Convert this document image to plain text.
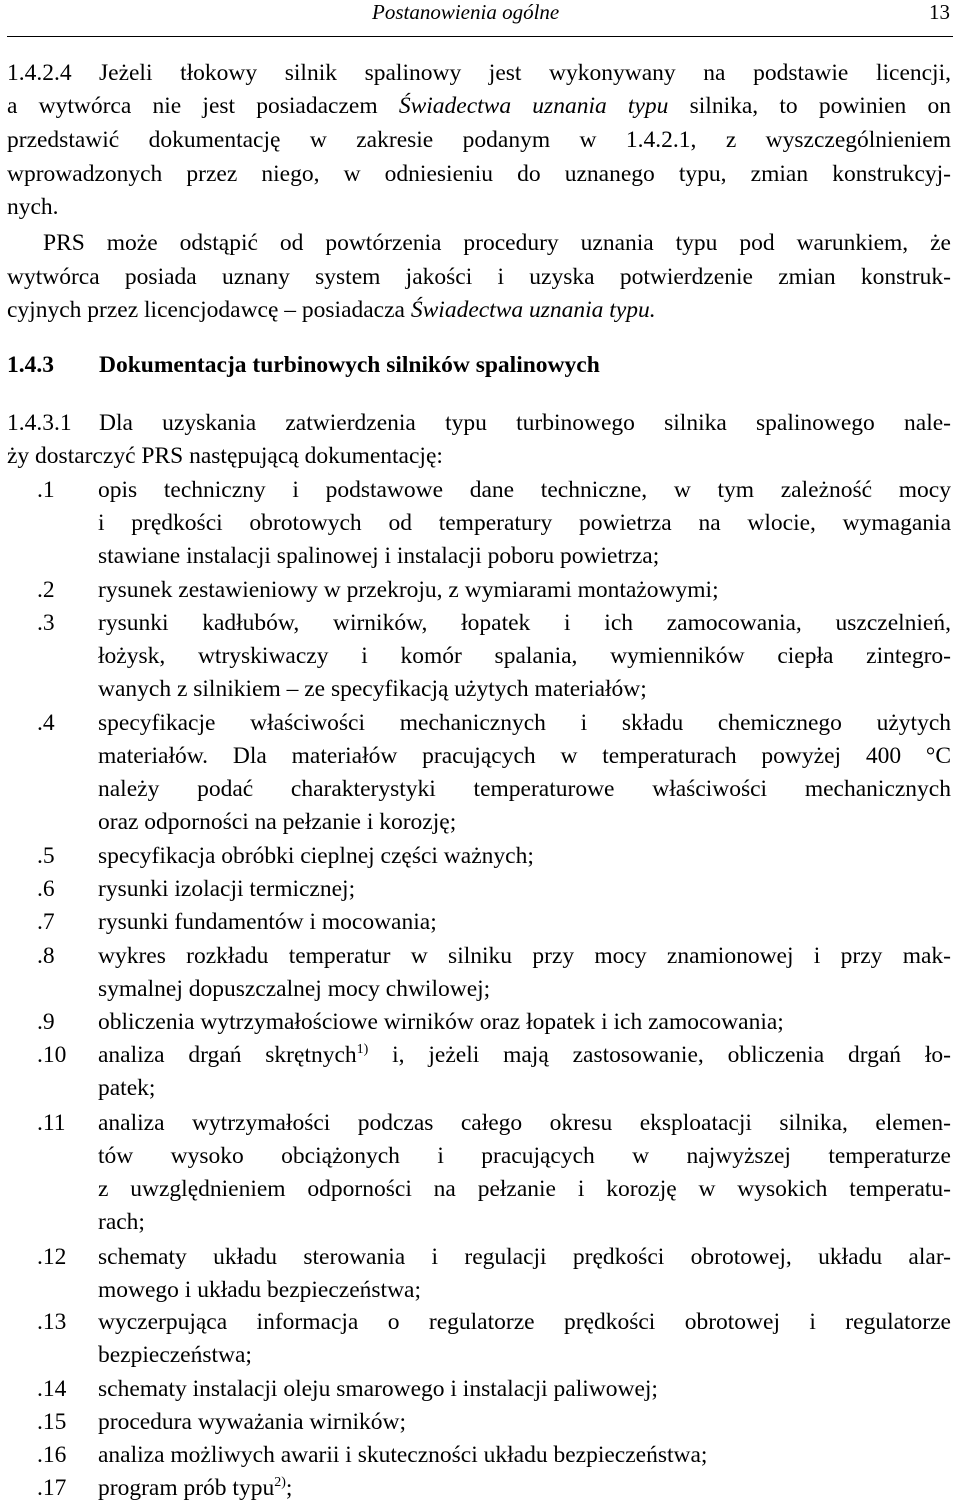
Postanowienia ogólne	13
1.4.2.4 Jeżeli tłokowy silnik spalinowy jest wykonywany na podstawie licencji,
a wytwórca nie jest posiadaczem Świadectwa uznania typu silnika, to powinien on
przedstawić dokumentację w zakresie podanym w 1.4.2.1, z wyszczególnieniem
wprowadzonych przez niego, w odniesieniu do uznanego typu, zmian konstrukcyj-
nych.
PRS może odstąpić od powtórzenia procedury uznania typu pod warunkiem, że
wytwórca posiada uznany system jakości i uzyska potwierdzenie zmian konstruk-
cyjnych przez licencjodawcę – posiadacza Świadectwa uznania typu.
1.4.3 Dokumentacja turbinowych silników spalinowych
1.4.3.1 Dla uzyskania zatwierdzenia typu turbinowego silnika spalinowego nale-
ży dostarczyć PRS następującą dokumentację:
.1 opis techniczny i podstawowe dane techniczne, w tym zależność mocy
i prędkości obrotowych od temperatury powietrza na wlocie, wymagania
stawiane instalacji spalinowej i instalacji poboru powietrza;
.2 rysunek zestawieniowy w przekroju, z wymiarami montażowymi;
.3 rysunki kadłubów, wirników, łopatek i ich zamocowania, uszczelnień,
łożysk, wtryskiwaczy i komór spalania, wymienników ciepła zintegro-
wanych z silnikiem – ze specyfikacją użytych materiałów;
.4 specyfikacje właściwości mechanicznych i składu chemicznego użytych
materiałów. Dla materiałów pracujących w temperaturach powyżej 400 °C
należy podać charakterystyki temperaturowe właściwości mechanicznych
oraz odporności na pełzanie i korozję;
.5 specyfikacja obróbki cieplnej części ważnych;
.6 rysunki izolacji termicznej;
.7 rysunki fundamentów i mocowania;
.8 wykres rozkładu temperatur w silniku przy mocy znamionowej i przy mak-
symalnej dopuszczalnej mocy chwilowej;
.9 obliczenia wytrzymałościowe wirników oraz łopatek i ich zamocowania;
.10 analiza drgań skrętnych$^{1)}$ i, jeżeli mają zastosowanie, obliczenia drgań ło-
patek;
.11 analiza wytrzymałości podczas całego okresu eksploatacji silnika, elemen-
tów wysoko obciążonych i pracujących w najwyższej temperaturze
z uwzględnieniem odporności na pełzanie i korozję w wysokich temperatu-
rach;
.12 schematy układu sterowania i regulacji prędkości obrotowej, układu alar-
mowego i układu bezpieczeństwa;
.13 wyczerpująca informacja o regulatorze prędkości obrotowej i regulatorze
bezpieczeństwa;
.14 schematy instalacji oleju smarowego i instalacji paliwowej;
.15 procedura wyważania wirników;
.16 analiza możliwych awarii i skuteczności układu bezpieczeństwa;
.17 program prób typu$^{2)}$;
